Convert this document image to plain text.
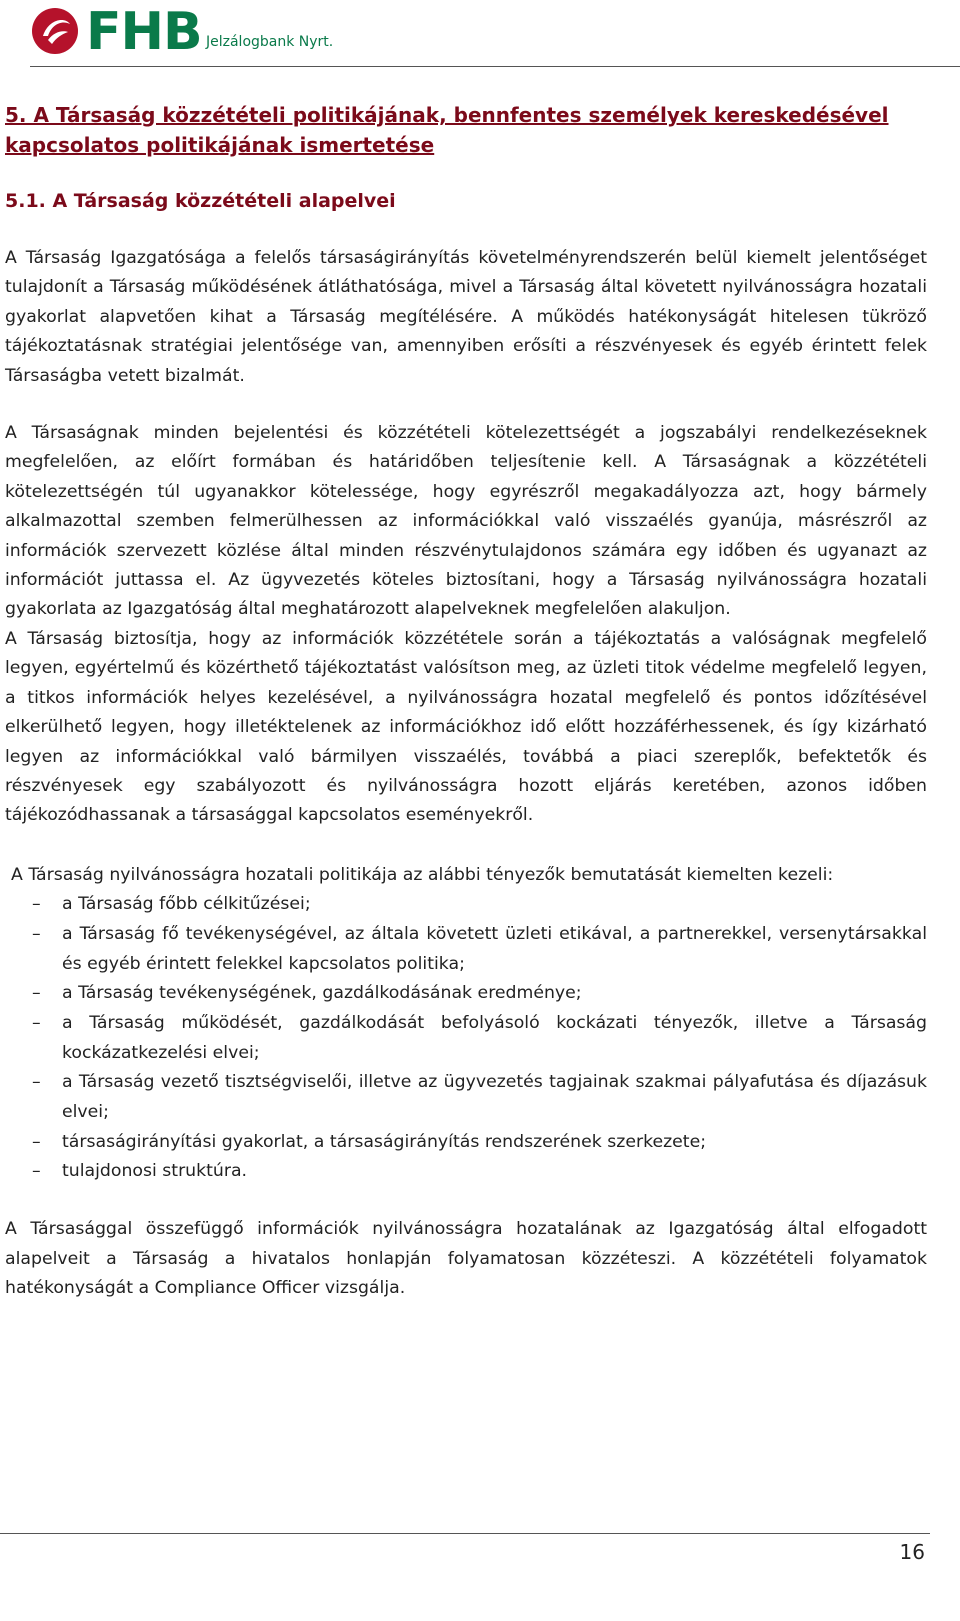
FHB Jelzálogbank Nyrt.
5. A Társaság közzétételi politikájának, bennfentes személyek kereskedésével kapcsolatos politikájának ismertetése
5.1. A Társaság közzétételi alapelvei

A Társaság Igazgatósága a felelős társaságirányítás követelményrendszerén belül kiemelt jelentőséget tulajdonít a Társaság működésének átláthatósága, mivel a Társaság által követett nyilvánosságra hozatali gyakorlat alapvetően kihat a Társaság megítélésére. A működés hatékonyságát hitelesen tükröző tájékoztatásnak stratégiai jelentősége van, amennyiben erősíti a részvényesek és egyéb érintett felek Társaságba vetett bizalmát.

A Társaságnak minden bejelentési és közzétételi kötelezettségét a jogszabályi rendelkezéseknek megfelelően, az előírt formában és határidőben teljesítenie kell. A Társaságnak a közzétételi kötelezettségén túl ugyanakkor kötelessége, hogy egyrészről megakadályozza azt, hogy bármely alkalmazottal szemben felmerülhessen az információkkal való visszaélés gyanúja, másrészről az információk szervezett közlése által minden részvénytulajdonos számára egy időben és ugyanazt az információt juttassa el. Az ügyvezetés köteles biztosítani, hogy a Társaság nyilvánosságra hozatali gyakorlata az Igazgatóság által meghatározott alapelveknek megfelelően alakuljon.

A Társaság biztosítja, hogy az információk közzététele során a tájékoztatás a valóságnak megfelelő legyen, egyértelmű és közérthető tájékoztatást valósítson meg, az üzleti titok védelme megfelelő legyen, a titkos információk helyes kezelésével, a nyilvánosságra hozatal megfelelő és pontos időzítésével elkerülhető legyen, hogy illetéktelenek az információkhoz idő előtt hozzáférhessenek, és így kizárható legyen az információkkal való bármilyen visszaélés, továbbá a piaci szereplők, befektetők és részvényesek egy szabályozott és nyilvánosságra hozott eljárás keretében, azonos időben tájékozódhassanak a társasággal kapcsolatos eseményekről.

A Társaság nyilvánosságra hozatali politikája az alábbi tényezők bemutatását kiemelten kezeli:

– a Társaság főbb célkitűzései;
– a Társaság fő tevékenységével, az általa követett üzleti etikával, a partnerekkel, versenytársakkal és egyéb érintett felekkel kapcsolatos politika;
– a Társaság tevékenységének, gazdálkodásának eredménye;
– a Társaság működését, gazdálkodását befolyásoló kockázati tényezők, illetve a Társaság kockázatkezelési elvei;
– a Társaság vezető tisztségviselői, illetve az ügyvezetés tagjainak szakmai pályafutása és díjazásuk elvei;
– társaságirányítási gyakorlat, a társaságirányítás rendszerének szerkezete;
– tulajdonosi struktúra.

A Társasággal összefüggő információk nyilvánosságra hozatalának az Igazgatóság által elfogadott alapelveit a Társaság a hivatalos honlapján folyamatosan közzéteszi. A közzétételi folyamatok hatékonyságát a Compliance Officer vizsgálja.

16
